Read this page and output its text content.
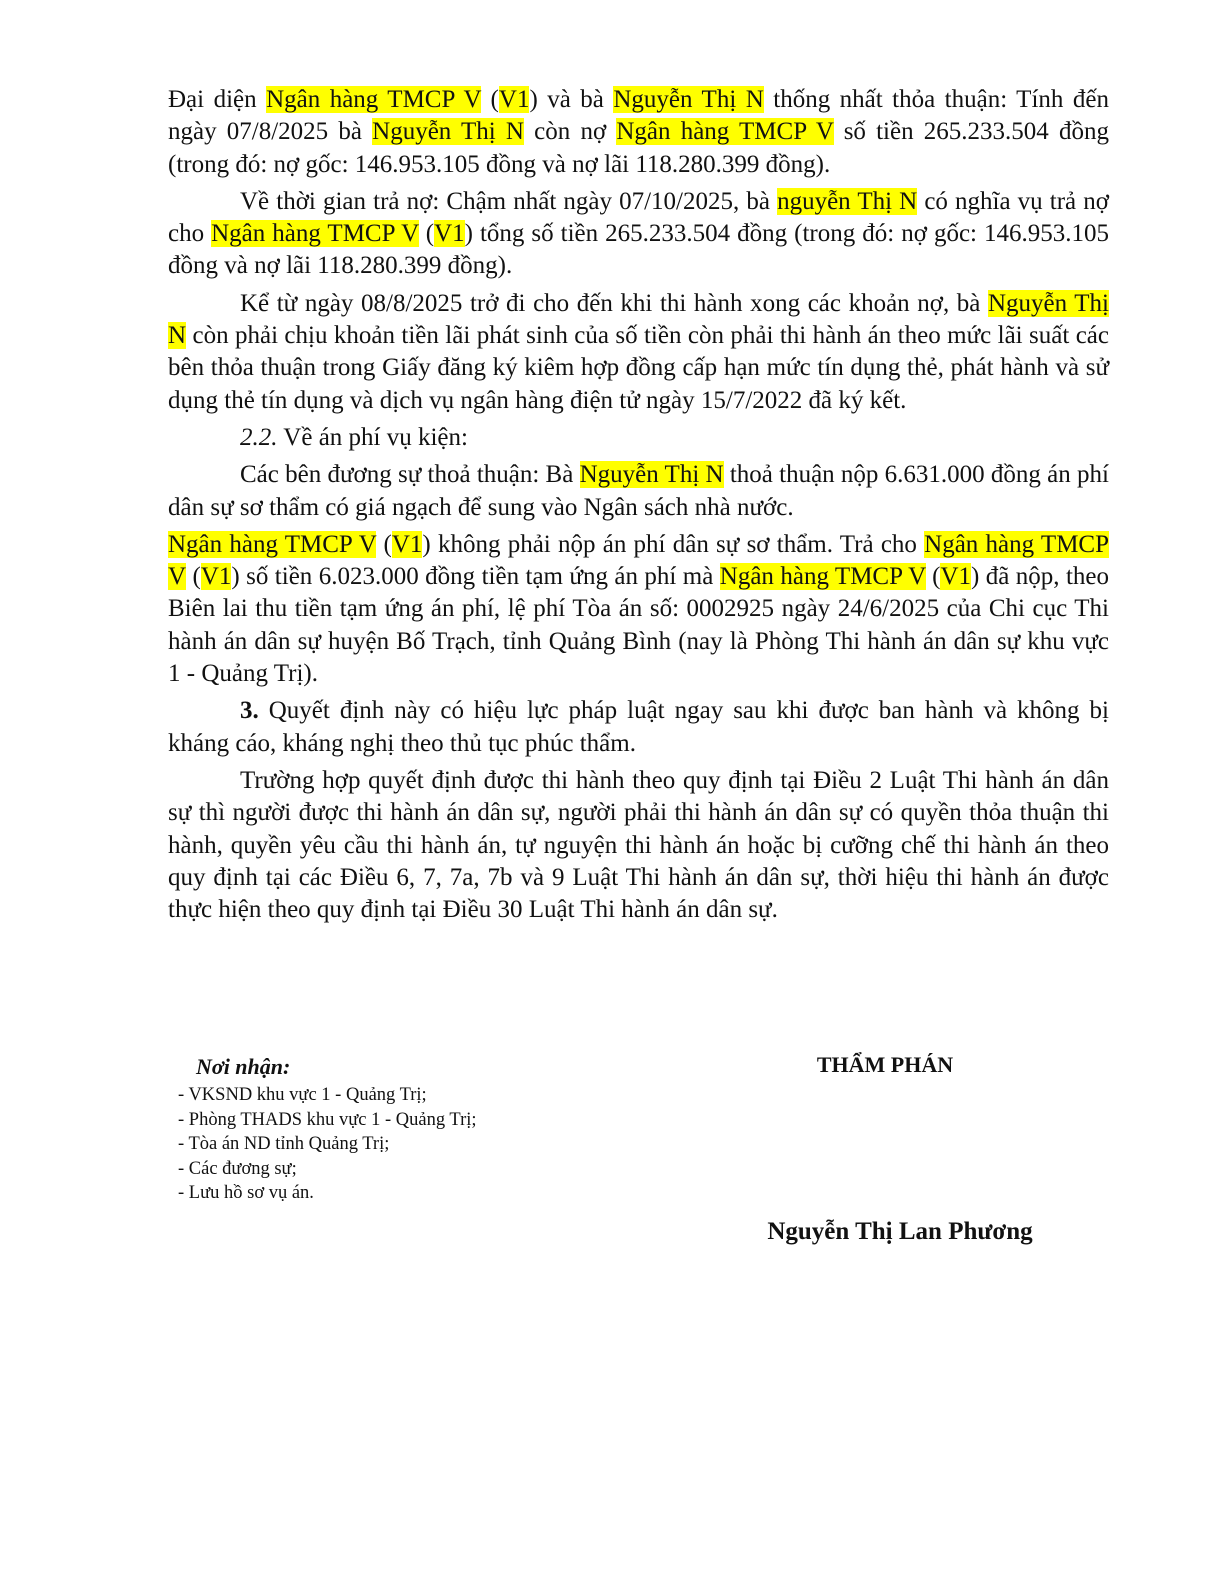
Đại diện Ngân hàng TMCP V (V1) và bà Nguyễn Thị N thống nhất thỏa thuận: Tính đến ngày 07/8/2025 bà Nguyễn Thị N còn nợ Ngân hàng TMCP V số tiền 265.233.504 đồng (trong đó: nợ gốc: 146.953.105 đồng và nợ lãi 118.280.399 đồng).

Về thời gian trả nợ: Chậm nhất ngày 07/10/2025, bà nguyễn Thị N có nghĩa vụ trả nợ cho Ngân hàng TMCP V (V1) tổng số tiền 265.233.504 đồng (trong đó: nợ gốc: 146.953.105 đồng và nợ lãi 118.280.399 đồng).

Kể từ ngày 08/8/2025 trở đi cho đến khi thi hành xong các khoản nợ, bà Nguyễn Thị N còn phải chịu khoản tiền lãi phát sinh của số tiền còn phải thi hành án theo mức lãi suất các bên thỏa thuận trong Giấy đăng ký kiêm hợp đồng cấp hạn mức tín dụng thẻ, phát hành và sử dụng thẻ tín dụng và dịch vụ ngân hàng điện tử ngày 15/7/2022 đã ký kết.

2.2. Về án phí vụ kiện:

Các bên đương sự thoả thuận: Bà Nguyễn Thị N thoả thuận nộp 6.631.000 đồng án phí dân sự sơ thẩm có giá ngạch để sung vào Ngân sách nhà nước.

Ngân hàng TMCP V (V1) không phải nộp án phí dân sự sơ thẩm. Trả cho Ngân hàng TMCP V (V1) số tiền 6.023.000 đồng tiền tạm ứng án phí mà Ngân hàng TMCP V (V1) đã nộp, theo Biên lai thu tiền tạm ứng án phí, lệ phí Tòa án số: 0002925 ngày 24/6/2025 của Chi cục Thi hành án dân sự huyện Bố Trạch, tỉnh Quảng Bình (nay là Phòng Thi hành án dân sự khu vực 1 - Quảng Trị).

3. Quyết định này có hiệu lực pháp luật ngay sau khi được ban hành và không bị kháng cáo, kháng nghị theo thủ tục phúc thẩm.

Trường hợp quyết định được thi hành theo quy định tại Điều 2 Luật Thi hành án dân sự thì người được thi hành án dân sự, người phải thi hành án dân sự có quyền thỏa thuận thi hành, quyền yêu cầu thi hành án, tự nguyện thi hành án hoặc bị cưỡng chế thi hành án theo quy định tại các Điều 6, 7, 7a, 7b và 9 Luật Thi hành án dân sự, thời hiệu thi hành án được thực hiện theo quy định tại Điều 30 Luật Thi hành án dân sự.

Nơi nhận:
- VKSND khu vực 1 - Quảng Trị;
- Phòng THADS khu vực 1 - Quảng Trị;
- Tòa án ND tỉnh Quảng Trị;
- Các đương sự;
- Lưu hồ sơ vụ án.
THẨM PHÁN
Nguyễn Thị Lan Phương
